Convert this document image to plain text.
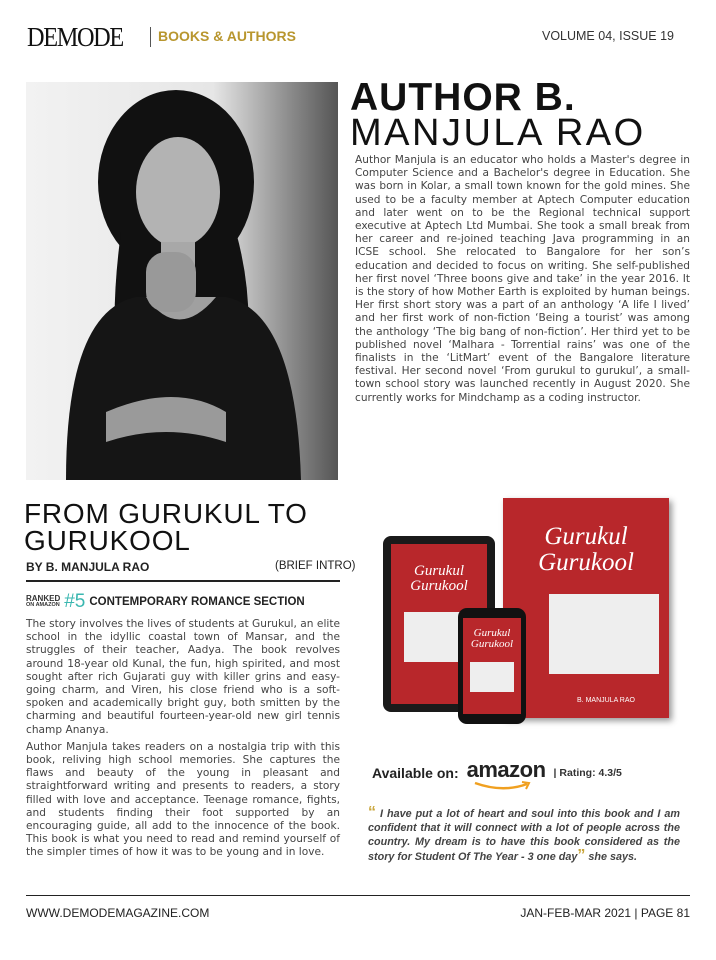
DEMODE	BOOKS & AUTHORS	VOLUME 04, ISSUE 19
AUTHOR B.
MANJULA RAO
Author Manjula is an educator who holds a Master's degree in Computer Science and a Bachelor's degree in Education. She was born in Kolar, a small town known for the gold mines. She used to be a faculty member at Aptech Computer education and later went on to be the Regional technical support executive at Aptech Ltd Mumbai. She took a small break from her career and re-joined teaching Java programming in an ICSE school. She relocated to Bangalore for her son’s education and decided to focus on writing. She self-published her first novel ‘Three boons give and take’ in the year 2016. It is the story of how Mother Earth is exploited by human beings. Her first short story was a part of an anthology ‘A life I lived’ and her first work of non-fiction ‘Being a tourist’ was among the anthology ‘The big bang of non-fiction’. Her third yet to be published novel ‘Malhara - Torrential rains’ was one of the finalists in the ‘LitMart’ event of the Bangalore literature festival. Her second novel ‘From gurukul to gurukul’, a small-town school story was launched recently in August 2020. She currently works for Mindchamp as a coding instructor.
FROM GURUKUL TO GURUKOOL
BY B. MANJULA RAO	(BRIEF INTRO)
RANKED
ON AMAZON #5 CONTEMPORARY ROMANCE SECTION

The story involves the lives of students at Gurukul, an elite school in the idyllic coastal town of Mansar, and the struggles of their teacher, Aadya. The book revolves around 18-year old Kunal, the fun, high spirited, and most sought after rich Gujarati guy with killer grins and easy-going charm, and Viren, his close friend who is a soft-spoken and academically bright guy, both smitten by the charming and beautiful fourteen-year-old new girl tennis champ Ananya.

Author Manjula takes readers on a nostalgia trip with this book, reliving high school memories. She captures the flaws and beauty of the young in pleasant and straightforward writing and presents to readers, a story filled with love and acceptance. Teenage romance, fights, and students finding their foot supported by an encouraging guide, all add to the innocence of the book. This book is what you need to read and remind yourself of the simpler times of how it was to be young and in love.

Gurukul
Gurukool
B. MANJULA RAO
Gurukul
Gurukool
Gurukul
Gurukool
Available on: amazon | Rating: 4.3/5
“ I have put a lot of heart and soul into this book and I am confident that it will connect with a lot of people across the country. My dream is to have this book considered as the story for Student Of The Year - 3 one day” she says.
WWW.DEMODEMAGAZINE.COM	JAN-FEB-MAR 2021 | PAGE 81
